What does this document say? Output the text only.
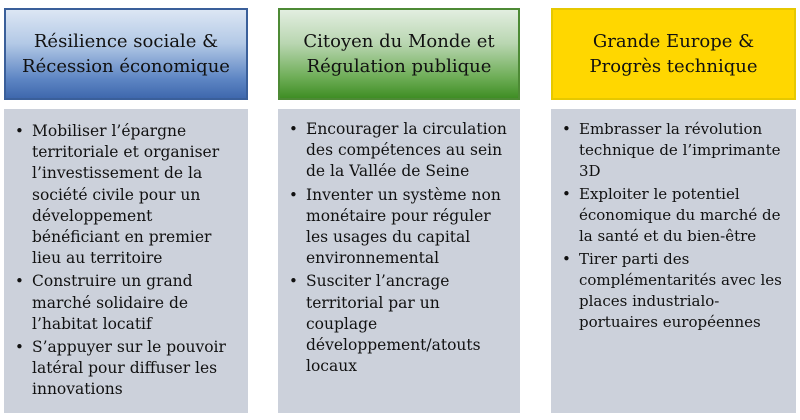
Résilience sociale &
Récession économique
• Mobiliser l’épargne territoriale et organiser l’investissement de la société civile pour un développement bénéficiant en premier lieu au territoire
• Construire un grand marché solidaire de l’habitat locatif
• S’appuyer sur le pouvoir latéral pour diffuser les innovations
Citoyen du Monde et
Régulation publique
• Encourager la circulation des compétences au sein de la Vallée de Seine
• Inventer un système non monétaire pour réguler les usages du capital environnemental
• Susciter l’ancrage territorial par un couplage développement/atouts locaux
Grande Europe &
Progrès technique
• Embrasser la révolution technique de l’imprimante 3D
• Exploiter le potentiel économique du marché de la santé et du bien-être
• Tirer parti des complémentarités avec les places industrialo-portuaires européennes
